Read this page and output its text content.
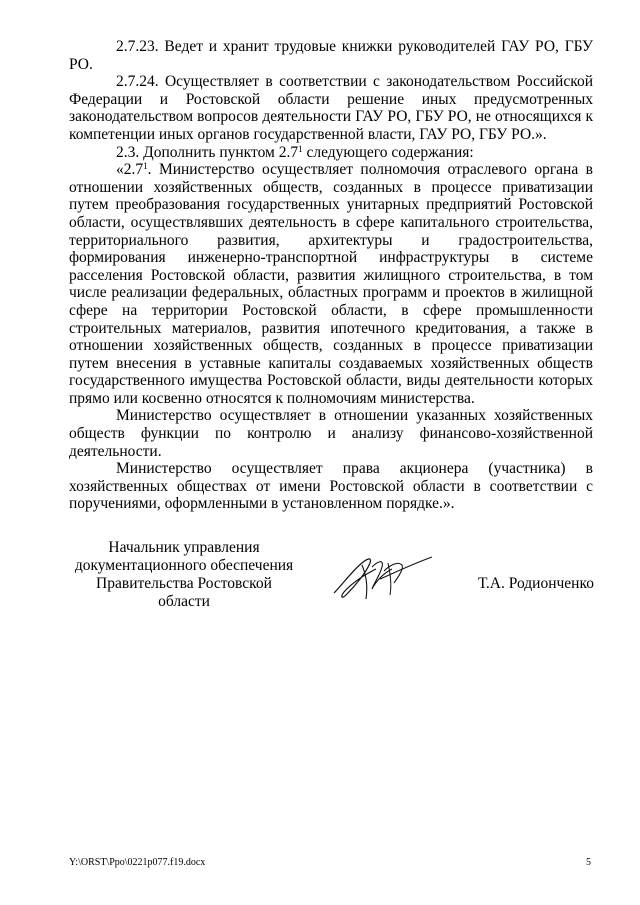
2.7.23. Ведет и хранит трудовые книжки руководителей ГАУ РО, ГБУ РО.

2.7.24. Осуществляет в соответствии с законодательством Российской Федерации и Ростовской области решение иных предусмотренных законодательством вопросов деятельности ГАУ РО, ГБУ РО, не относящихся к компетенции иных органов государственной власти, ГАУ РО, ГБУ РО.».

2.3. Дополнить пунктом $2.7^1$ следующего содержания:

«$2.7^1$. Министерство осуществляет полномочия отраслевого органа в отношении хозяйственных обществ, созданных в процессе приватизации путем преобразования государственных унитарных предприятий Ростовской области, осуществлявших деятельность в сфере капитального строительства, территориального развития, архитектуры и градостроительства, формирования инженерно-транспортной инфраструктуры в системе расселения Ростовской области, развития жилищного строительства, в том числе реализации федеральных, областных программ и проектов в жилищной сфере на территории Ростовской области, в сфере промышленности строительных материалов, развития ипотечного кредитования, а также в отношении хозяйственных обществ, созданных в процессе приватизации путем внесения в уставные капиталы создаваемых хозяйственных обществ государственного имущества Ростовской области, виды деятельности которых прямо или косвенно относятся к полномочиям министерства.

Министерство осуществляет в отношении указанных хозяйственных обществ функции по контролю и анализу финансово-хозяйственной деятельности.

Министерство осуществляет права акционера (участника) в хозяйственных обществах от имени Ростовской области в соответствии с поручениями, оформленными в установленном порядке.».

Начальник управления
документационного обеспечения
Правительства Ростовской области
Т.А. Родионченко
Y:\ORST\Ppo\0221p077.f19.docx	5
